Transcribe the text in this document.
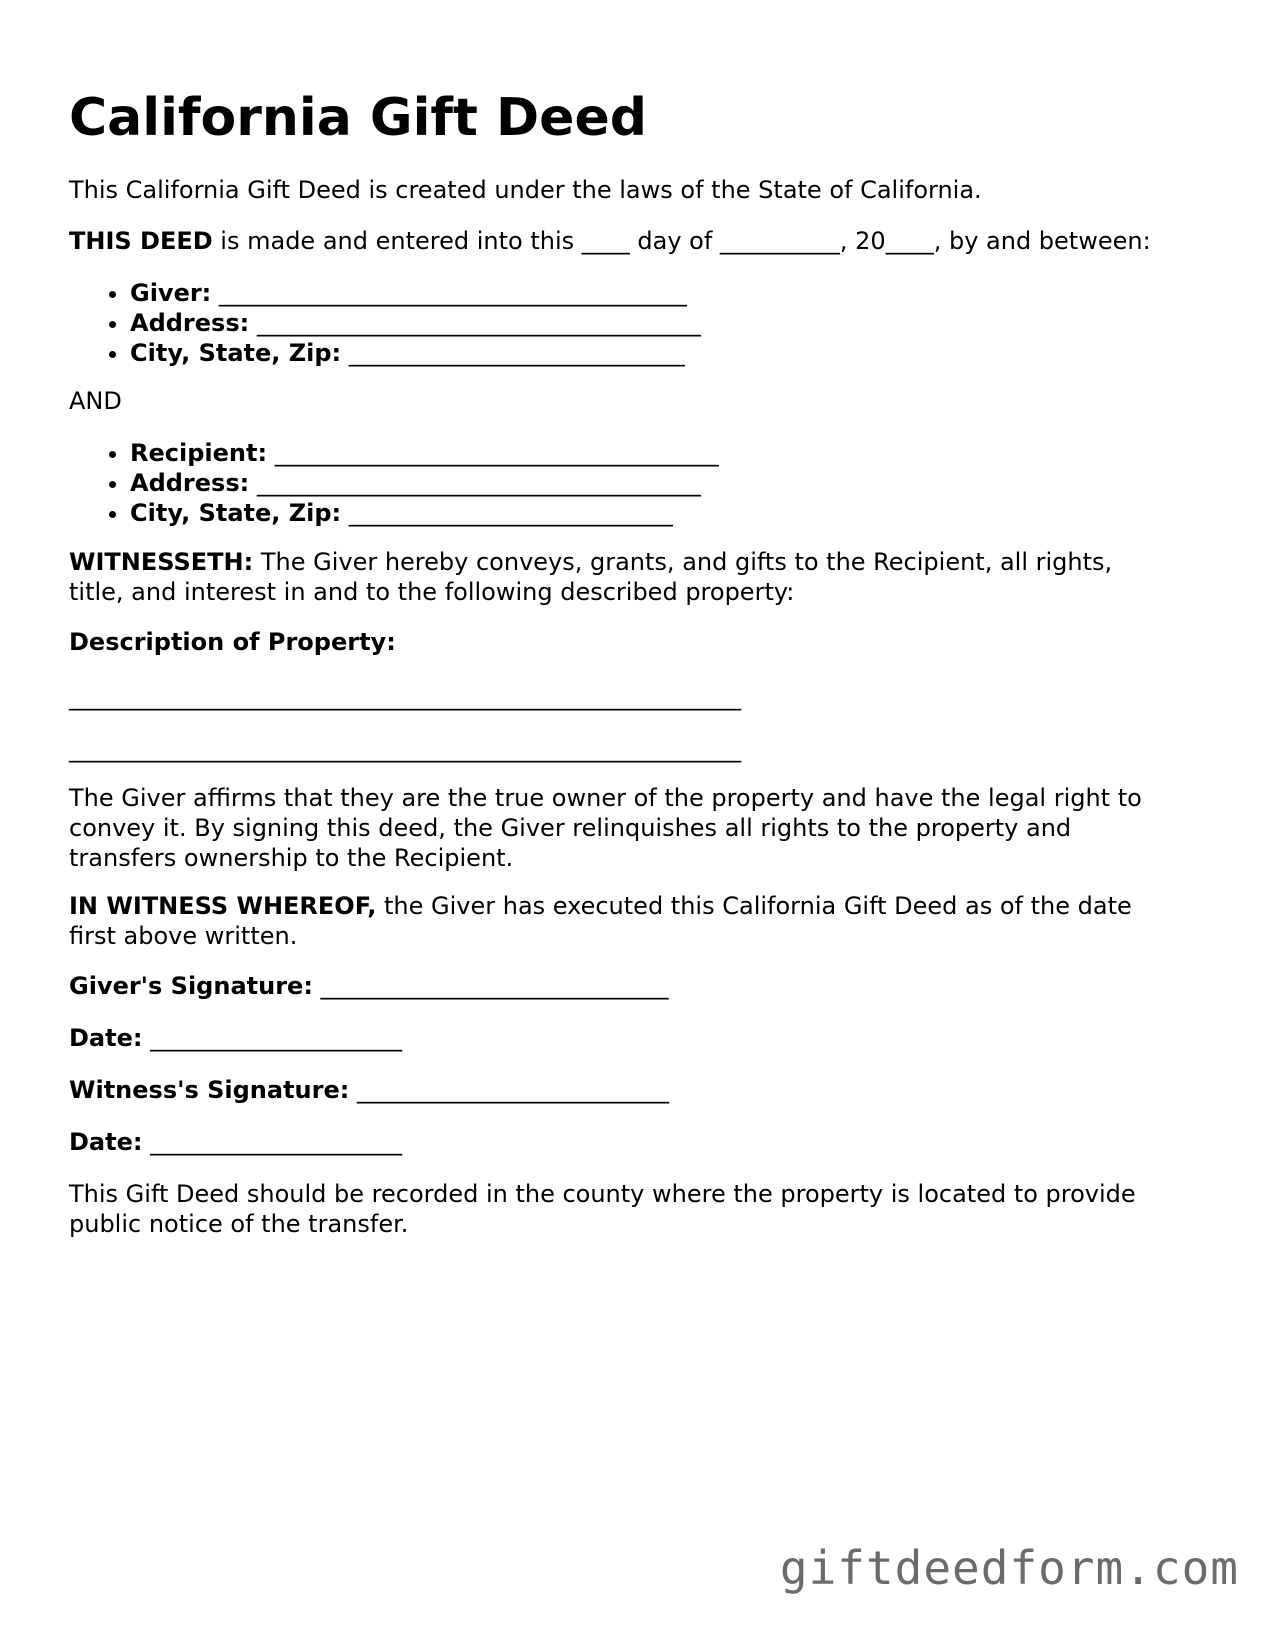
California Gift Deed

This California Gift Deed is created under the laws of the State of California.

THIS DEED is made and entered into this ____ day of __________, 20____, by and between:

• Giver: _______________________________________
• Address: _____________________________________
• City, State, Zip: ____________________________

AND

• Recipient: _____________________________________
• Address: _____________________________________
• City, State, Zip: ___________________________

WITNESSETH: The Giver hereby conveys, grants, and gifts to the Recipient, all rights,
title, and interest in and to the following described property:

Description of Property:

________________________________________________________

________________________________________________________

The Giver affirms that they are the true owner of the property and have the legal right to
convey it. By signing this deed, the Giver relinquishes all rights to the property and
transfers ownership to the Recipient.

IN WITNESS WHEREOF, the Giver has executed this California Gift Deed as of the date
first above written.

Giver's Signature: _____________________________

Date: _____________________

Witness's Signature: __________________________

Date: _____________________

This Gift Deed should be recorded in the county where the property is located to provide
public notice of the transfer.

giftdeedform.com
